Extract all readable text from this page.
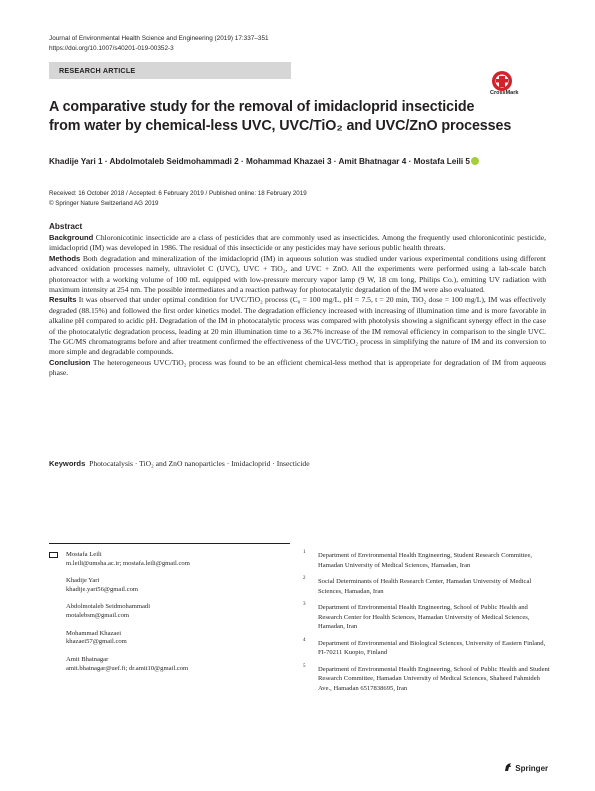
Journal of Environmental Health Science and Engineering (2019) 17:337–351
https://doi.org/10.1007/s40201-019-00352-3
RESEARCH ARTICLE
CrossMark
A comparative study for the removal of imidacloprid insecticide
from water by chemical-less UVC, UVC/TiO₂ and UVC/ZnO processes
Khadije Yari 1 · Abdolmotaleb Seidmohammadi 2 · Mohammad Khazaei 3 · Amit Bhatnagar 4 · Mostafa Leili 5
Received: 16 October 2018 / Accepted: 6 February 2019 / Published online: 18 February 2019
© Springer Nature Switzerland AG 2019
Abstract

Background Chloronicotinic insecticide are a class of pesticides that are commonly used as insecticides. Among the frequently used chloronicotinic pesticide, imidacloprid (IM) was developed in 1986. The residual of this insecticide or any pesticides may have serious public health threats.

Methods Both degradation and mineralization of the imidacloprid (IM) in aqueous solution was studied under various experimental conditions using different advanced oxidation processes namely, ultraviolet C (UVC), UVC + TiO₂, and UVC + ZnO. All the experiments were performed using a lab-scale batch photoreactor with a working volume of 100 mL equipped with low-pressure mercury vapor lamp (9 W, 18 cm long, Philips Co.), emitting UV radiation with maximum intensity at 254 nm. The possible intermediates and a reaction pathway for photocatalytic degradation of the IM were also evaluated.

Results It was observed that under optimal condition for UVC/TiO₂ process (C₀ = 100 mg/L, pH = 7.5, t = 20 min, TiO₂ dose = 100 mg/L), IM was effectively degraded (88.15%) and followed the first order kinetics model. The degradation efficiency increased with increasing of illumination time and is more favorable in alkaline pH compared to acidic pH. Degradation of the IM in photocatalytic process was compared with photolysis showing a significant synergy effect in the case of the photocatalytic degradation process, leading at 20 min illumination time to a 36.7% increase of the IM removal efficiency in comparison to the single UVC. The GC/MS chromatograms before and after treatment confirmed the effectiveness of the UVC/TiO₂ process in simplifying the nature of IM and its conversion to more simple and degradable compounds.

Conclusion The heterogeneous UVC/TiO₂ process was found to be an efficient chemical-less method that is appropriate for degradation of IM from aqueous phase.

Keywords Photocatalysis · TiO₂ and ZnO nanoparticles · Imidacloprid · Insecticide
Mostafa Leili
m.leili@umsha.ac.ir; mostafa.leili@gmail.com
Khadije Yari
khadije.yari56@gmail.com
Abdolmotaleb Seidmohammadi
motalebsm@gmail.com
Mohammad Khazaei
khazaei57@gmail.com
Amit Bhatnagar
amit.bhatnagar@uef.fi; dr.amit10@gmail.com
1 Department of Environmental Health Engineering, Student Research Committee, Hamadan University of Medical Sciences, Hamadan, Iran
2 Social Determinants of Health Research Center, Hamadan University of Medical Sciences, Hamadan, Iran
3 Department of Environmental Health Engineering, School of Public Health and Research Center for Health Sciences, Hamadan University of Medical Sciences, Hamadan, Iran
4 Department of Environmental and Biological Sciences, University of Eastern Finland, FI-70211 Kuopio, Finland
5 Department of Environmental Health Engineering, School of Public Health and Student Research Committee, Hamadan University of Medical Sciences, Shaheed Fahmideh Ave., Hamadan 6517838695, Iran
Springer
